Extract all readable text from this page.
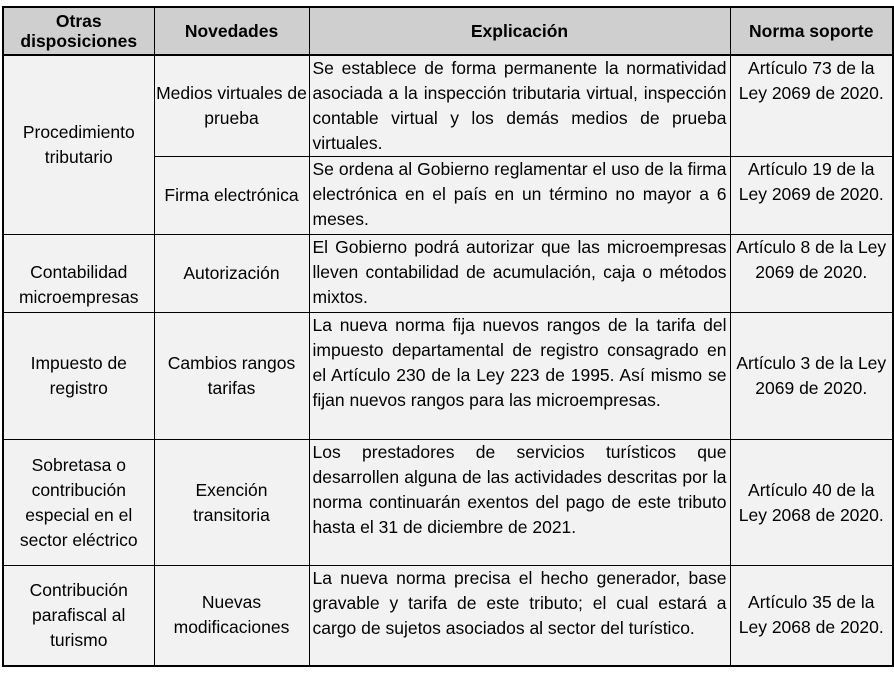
Otras disposiciones	Novedades	Explicación	Norma soporte
Procedimiento tributario	Medios virtuales de prueba	Se establece de forma permanente la normatividad asociada a la inspección tributaria virtual, inspección contable virtual y los demás medios de prueba virtuales.	Artículo 73 de la Ley 2069 de 2020.
	Firma electrónica	Se ordena al Gobierno reglamentar el uso de la firma electrónica en el país en un término no mayor a 6 meses.	Artículo 19 de la Ley 2069 de 2020.
Contabilidad microempresas	Autorización	El Gobierno podrá autorizar que las microempresas lleven contabilidad de acumulación, caja o métodos mixtos.	Artículo 8 de la Ley 2069 de 2020.
Impuesto de registro	Cambios rangos tarifas	La nueva norma fija nuevos rangos de la tarifa del impuesto departamental de registro consagrado en el Artículo 230 de la Ley 223 de 1995. Así mismo se fijan nuevos rangos para las microempresas.	Artículo 3 de la Ley 2069 de 2020.
Sobretasa o contribución especial en el sector eléctrico	Exención transitoria	Los prestadores de servicios turísticos que desarrollen alguna de las actividades descritas por la norma continuarán exentos del pago de este tributo hasta el 31 de diciembre de 2021.	Artículo 40 de la Ley 2068 de 2020.
Contribución parafiscal al turismo	Nuevas modificaciones	La nueva norma precisa el hecho generador, base gravable y tarifa de este tributo; el cual estará a cargo de sujetos asociados al sector del turístico.	Artículo 35 de la Ley 2068 de 2020.
